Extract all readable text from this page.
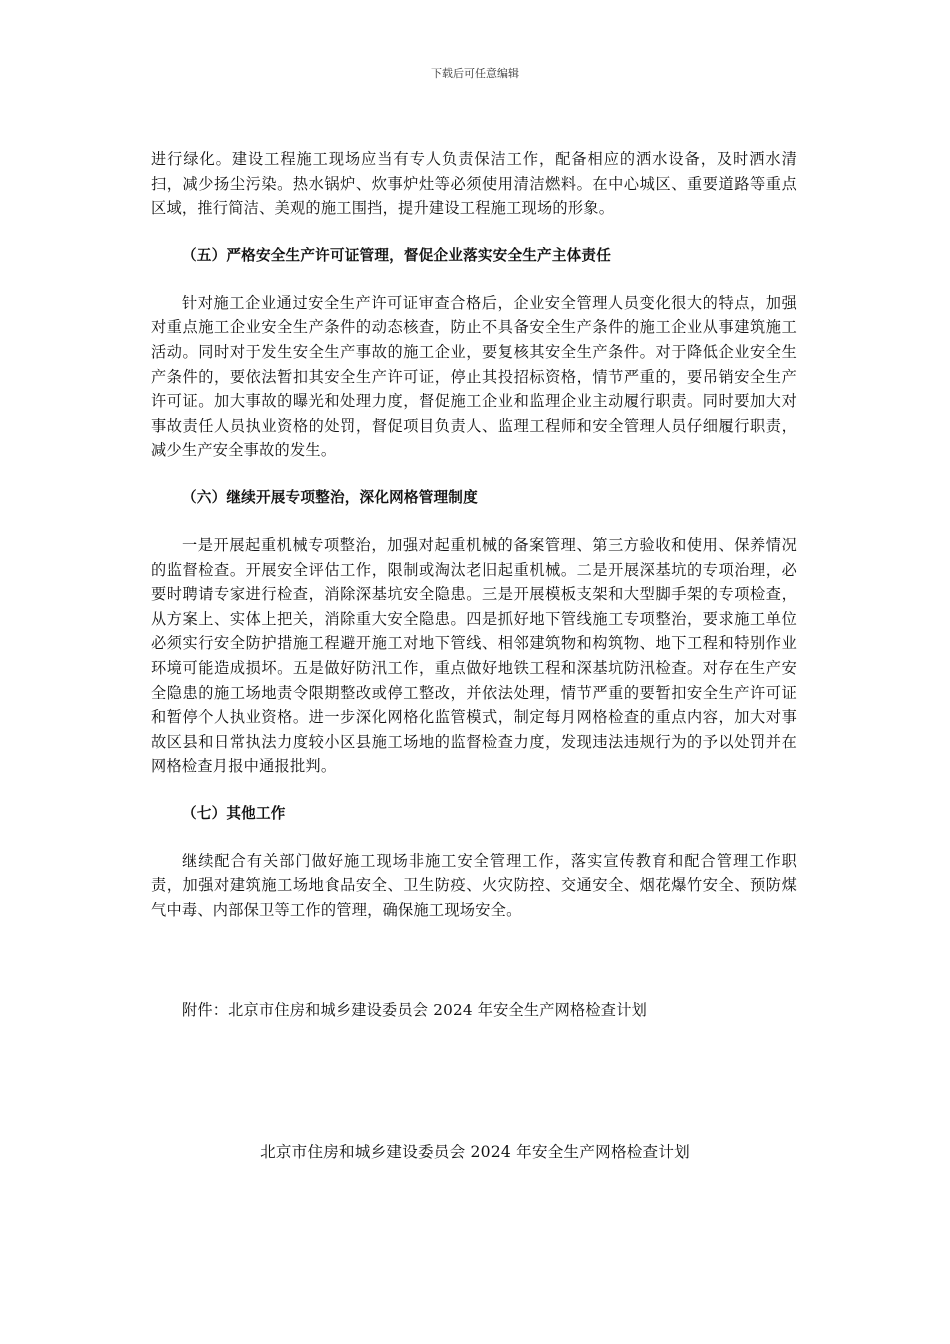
下载后可任意编辑

进行绿化。建设工程施工现场应当有专人负责保洁工作，配备相应的洒水设备，及时洒水清扫，减少扬尘污染。热水锅炉、炊事炉灶等必须使用清洁燃料。在中心城区、重要道路等重点区域，推行简洁、美观的施工围挡，提升建设工程施工现场的形象。

（五）严格安全生产许可证管理，督促企业落实安全生产主体责任

针对施工企业通过安全生产许可证审查合格后，企业安全管理人员变化很大的特点，加强对重点施工企业安全生产条件的动态核查，防止不具备安全生产条件的施工企业从事建筑施工活动。同时对于发生安全生产事故的施工企业，要复核其安全生产条件。对于降低企业安全生产条件的，要依法暂扣其安全生产许可证，停止其投招标资格，情节严重的，要吊销安全生产许可证。加大事故的曝光和处理力度，督促施工企业和监理企业主动履行职责。同时要加大对事故责任人员执业资格的处罚，督促项目负责人、监理工程师和安全管理人员仔细履行职责，减少生产安全事故的发生。

（六）继续开展专项整治，深化网格管理制度

一是开展起重机械专项整治，加强对起重机械的备案管理、第三方验收和使用、保养情况的监督检查。开展安全评估工作，限制或淘汰老旧起重机械。二是开展深基坑的专项治理，必要时聘请专家进行检查，消除深基坑安全隐患。三是开展模板支架和大型脚手架的专项检查，从方案上、实体上把关，消除重大安全隐患。四是抓好地下管线施工专项整治，要求施工单位必须实行安全防护措施工程避开施工对地下管线、相邻建筑物和构筑物、地下工程和特别作业环境可能造成损坏。五是做好防汛工作，重点做好地铁工程和深基坑防汛检查。对存在生产安全隐患的施工场地责令限期整改或停工整改，并依法处理，情节严重的要暂扣安全生产许可证和暂停个人执业资格。进一步深化网格化监管模式，制定每月网格检查的重点内容，加大对事故区县和日常执法力度较小区县施工场地的监督检查力度，发现违法违规行为的予以处罚并在网格检查月报中通报批判。

（七）其他工作

继续配合有关部门做好施工现场非施工安全管理工作，落实宣传教育和配合管理工作职责，加强对建筑施工场地食品安全、卫生防疫、火灾防控、交通安全、烟花爆竹安全、预防煤气中毒、内部保卫等工作的管理，确保施工现场安全。

附件：北京市住房和城乡建设委员会 2024 年安全生产网格检查计划

北京市住房和城乡建设委员会 2024 年安全生产网格检查计划
